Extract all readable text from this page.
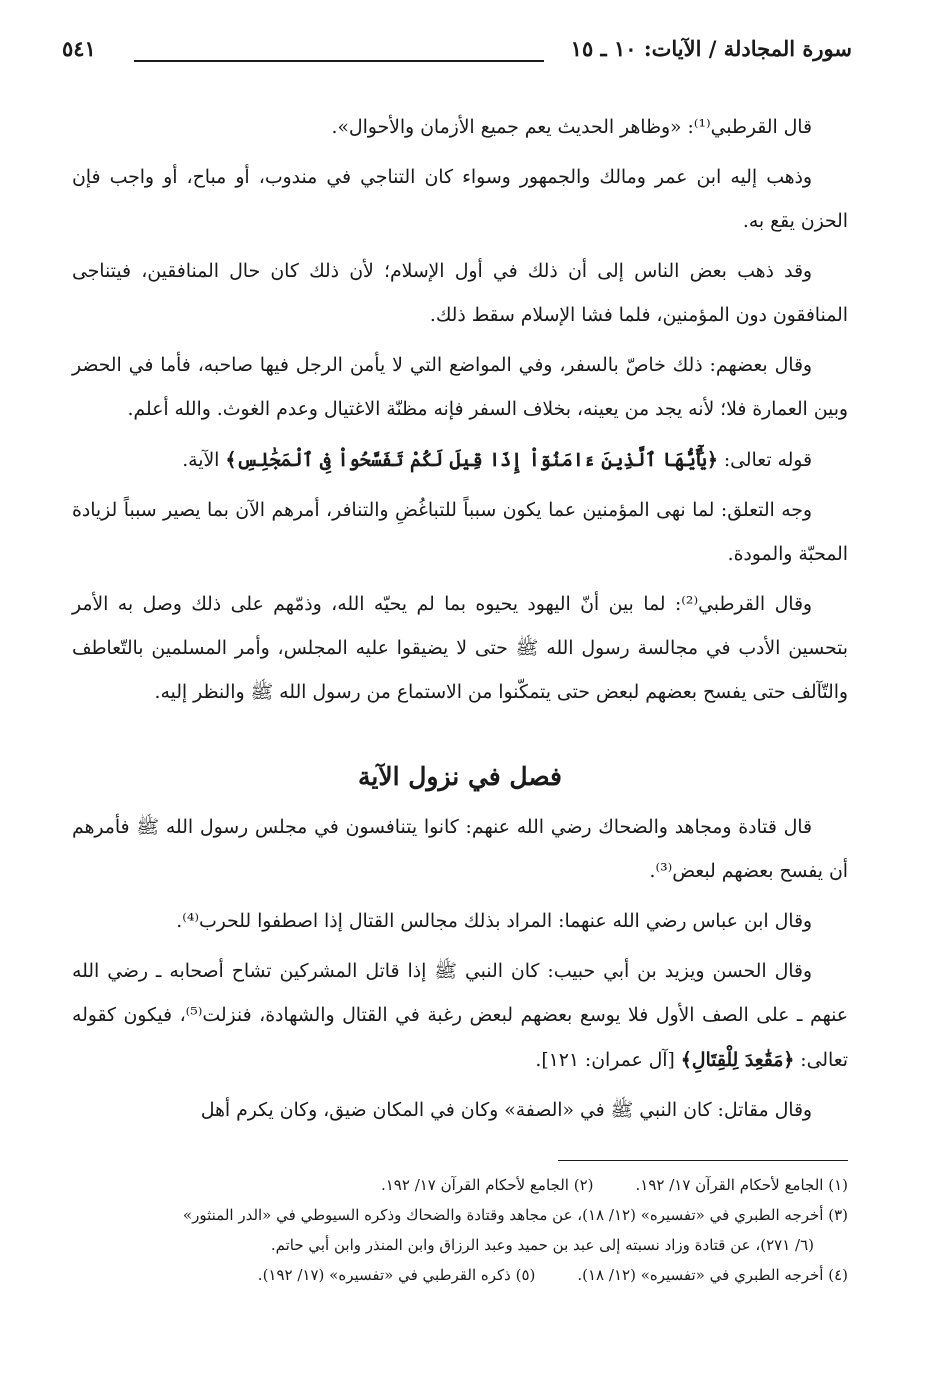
سورة المجادلة / الآيات: ١٠ ـ ١٥
٥٤١

قال القرطبي⁽¹⁾: «وظاهر الحديث يعم جميع الأزمان والأحوال».

وذهب إليه ابن عمر ومالك والجمهور وسواء كان التناجي في مندوب، أو مباح، أو واجب فإن الحزن يقع به.

وقد ذهب بعض الناس إلى أن ذلك في أول الإسلام؛ لأن ذلك كان حال المنافقين، فيتناجى المنافقون دون المؤمنين، فلما فشا الإسلام سقط ذلك.

وقال بعضهم: ذلك خاصّ بالسفر، وفي المواضع التي لا يأمن الرجل فيها صاحبه، فأما في الحضر وبين العمارة فلا؛ لأنه يجد من يعينه، بخلاف السفر فإنه مظنّة الاغتيال وعدم الغوث. والله أعلم.

قوله تعالى: ﴿يَٰٓأَيُّهَا ٱلَّذِينَ ءَامَنُوٓاْ إِذَا قِيلَ لَكُمْ تَفَسَّحُواْ فِى ٱلْمَجَٰلِسِ﴾ الآية.

وجه التعلق: لما نهى المؤمنين عما يكون سبباً للتباغُضِ والتنافر، أمرهم الآن بما يصير سبباً لزيادة المحبّة والمودة.

وقال القرطبي⁽²⁾: لما بين أنّ اليهود يحيوه بما لم يحيّه الله، وذمّهم على ذلك وصل به الأمر بتحسين الأدب في مجالسة رسول الله ﷺ حتى لا يضيقوا عليه المجلس، وأمر المسلمين بالتّعاطف والتّآلف حتى يفسح بعضهم لبعض حتى يتمكّنوا من الاستماع من رسول الله ﷺ والنظر إليه.

فصل في نزول الآية

قال قتادة ومجاهد والضحاك رضي الله عنهم: كانوا يتنافسون في مجلس رسول الله ﷺ فأمرهم أن يفسح بعضهم لبعض⁽³⁾.

وقال ابن عباس رضي الله عنهما: المراد بذلك مجالس القتال إذا اصطفوا للحرب⁽⁴⁾.

وقال الحسن ويزيد بن أبي حبيب: كان النبي ﷺ إذا قاتل المشركين تشاح أصحابه ـ رضي الله عنهم ـ على الصف الأول فلا يوسع بعضهم لبعض رغبة في القتال والشهادة، فنزلت⁽⁵⁾، فيكون كقوله تعالى: ﴿مَقَٰعِدَ لِلْقِتَالِ﴾ [آل عمران: ١٢١].

وقال مقاتل: كان النبي ﷺ في «الصفة» وكان في المكان ضيق، وكان يكرم أهل

(١) الجامع لأحكام القرآن ١٧/ ١٩٢.
(٢) الجامع لأحكام القرآن ١٧/ ١٩٢.
(٣) أخرجه الطبري في «تفسيره» (١٢/ ١٨)، عن مجاهد وقتادة والضحاك وذكره السيوطي في «الدر المنثور»
(٦/ ٢٧١)، عن قتادة وزاد نسبته إلى عبد بن حميد وعبد الرزاق وابن المنذر وابن أبي حاتم.
(٤) أخرجه الطبري في «تفسيره» (١٢/ ١٨).
(٥) ذكره القرطبي في «تفسيره» (١٧/ ١٩٢).
